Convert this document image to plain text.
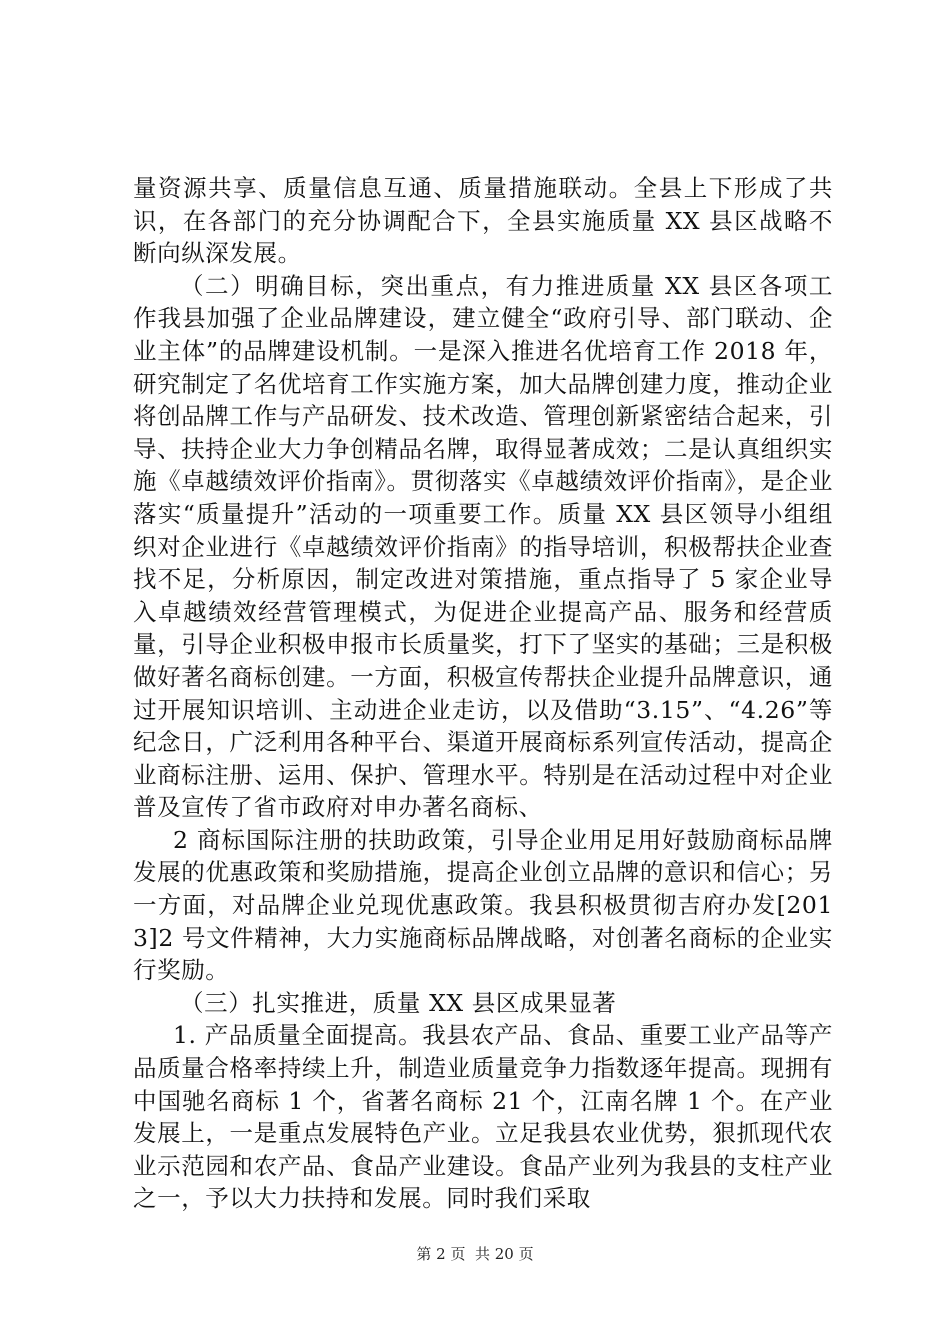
量资源共享、质量信息互通、质量措施联动。全县上下形成了共识，在各部门的充分协调配合下，全县实施质量 XX 县区战略不断向纵深发展。

（二）明确目标，突出重点，有力推进质量 XX 县区各项工作我县加强了企业品牌建设，建立健全“政府引导、部门联动、企业主体”的品牌建设机制。一是深入推进名优培育工作 2018 年，研究制定了名优培育工作实施方案，加大品牌创建力度，推动企业将创品牌工作与产品研发、技术改造、管理创新紧密结合起来，引导、扶持企业大力争创精品名牌，取得显著成效；二是认真组织实施《卓越绩效评价指南》。贯彻落实《卓越绩效评价指南》，是企业落实“质量提升”活动的一项重要工作。质量 XX 县区领导小组组织对企业进行《卓越绩效评价指南》的指导培训，积极帮扶企业查找不足，分析原因，制定改进对策措施，重点指导了 5 家企业导入卓越绩效经营管理模式，为促进企业提高产品、服务和经营质量，引导企业积极申报市长质量奖，打下了坚实的基础；三是积极做好著名商标创建。一方面，积极宣传帮扶企业提升品牌意识，通过开展知识培训、主动进企业走访，以及借助“3.15”、“4.26”等纪念日，广泛利用各种平台、渠道开展商标系列宣传活动，提高企业商标注册、运用、保护、管理水平。特别是在活动过程中对企业普及宣传了省市政府对申办著名商标、

2 商标国际注册的扶助政策，引导企业用足用好鼓励商标品牌发展的优惠政策和奖励措施，提高企业创立品牌的意识和信心；另一方面，对品牌企业兑现优惠政策。我县积极贯彻吉府办发[2013]2 号文件精神，大力实施商标品牌战略，对创著名商标的企业实行奖励。

（三）扎实推进，质量 XX 县区成果显著

1. 产品质量全面提高。我县农产品、食品、重要工业产品等产品质量合格率持续上升，制造业质量竞争力指数逐年提高。现拥有中国驰名商标 1 个，省著名商标 21 个，江南名牌 1 个。在产业发展上，一是重点发展特色产业。立足我县农业优势，狠抓现代农业示范园和农产品、食品产业建设。食品产业列为我县的支柱产业之一，予以大力扶持和发展。同时我们采取

第 2 页  共 20 页
